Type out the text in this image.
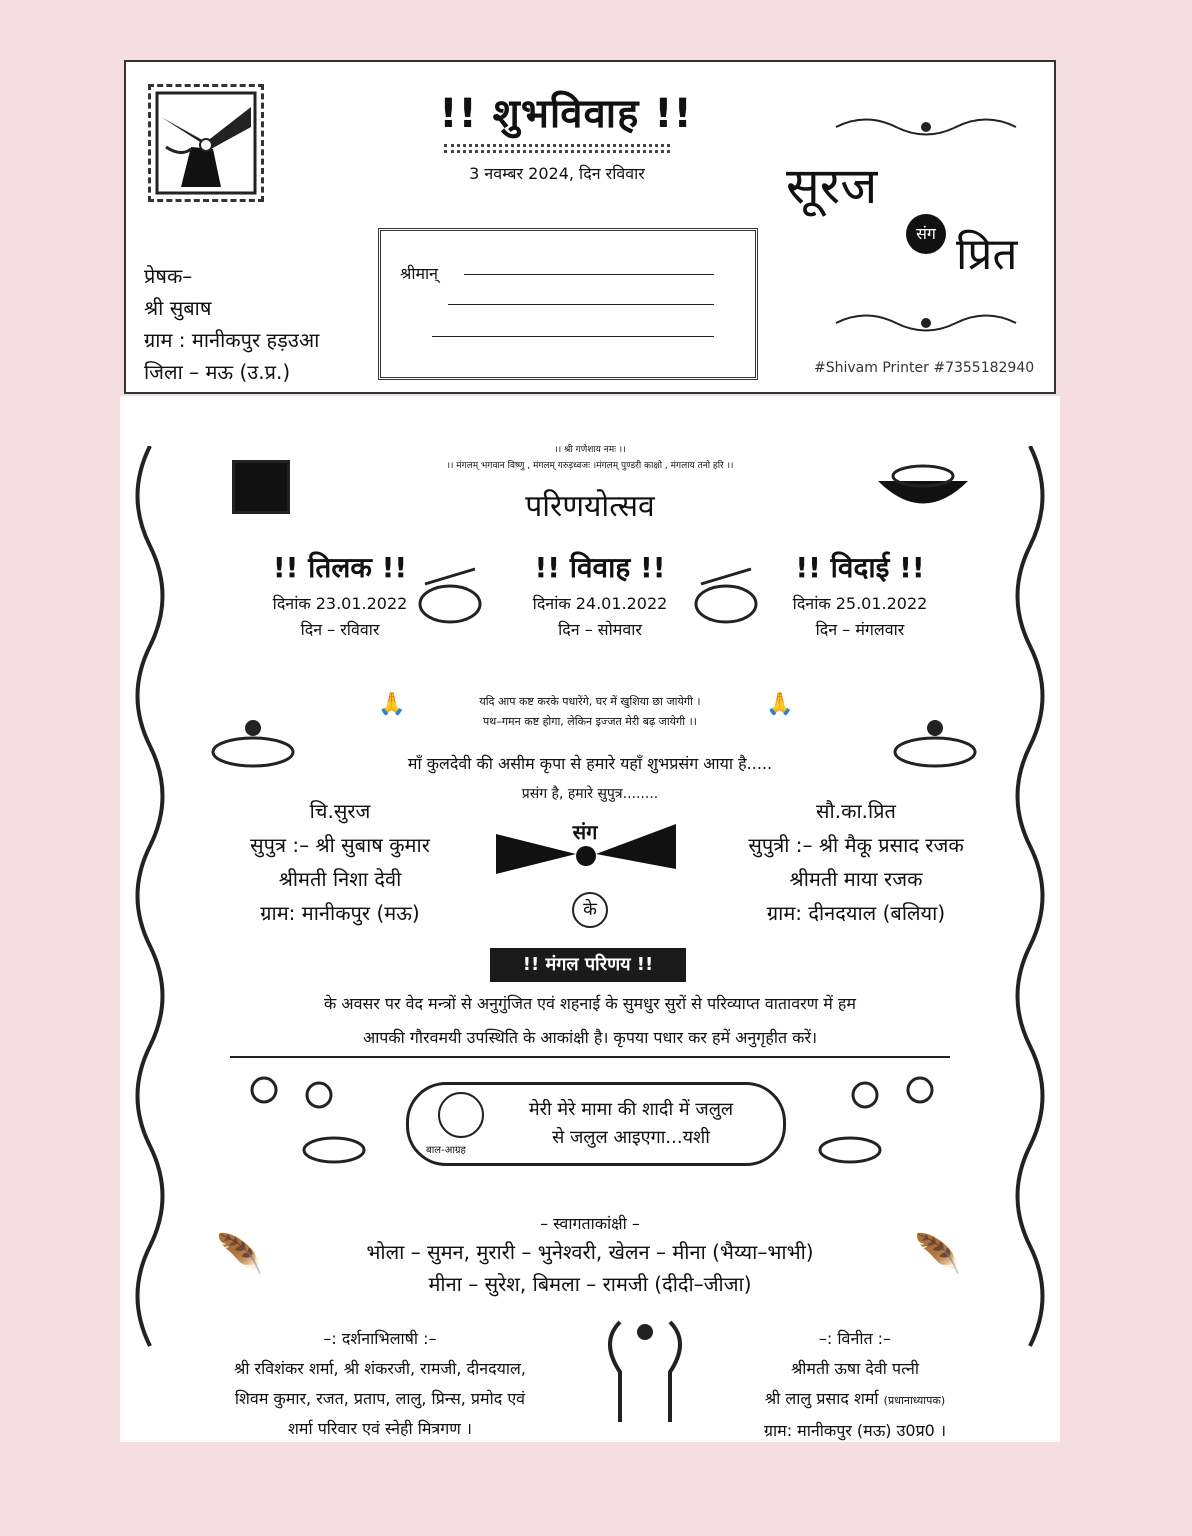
!! शुभविवाह !!
3 नवम्बर 2024, दिन रविवार
श्रीमान्
प्रेषक–
श्री सुबाष
ग्राम : मानीकपुर हड़उआ
जिला – मऊ (उ.प्र.)
सूरज
संग प्रित
#Shivam Printer #7355182940
।। श्री गणेशाय नमः ।।
।। मंगलम् भगवान विष्णु , मंगलम् गरुड़ध्वजः ।मंगलम् पुण्डरी काक्षो , मंगलाय तनो हरि ।।
परिणयोत्सव
!! तिलक !!
दिनांक 23.01.2022
दिन – रविवार
!! विवाह !!
दिनांक 24.01.2022
दिन – सोमवार
!! विदाई !!
दिनांक 25.01.2022
दिन – मंगलवार
यदि आप कष्ट करके पधारेंगे, घर में खुशिया छा जायेगी ।
पथ–गमन कष्ट होगा, लेकिन इज्जत मेरी बढ़ जायेगी ।।
🙏	🙏
माँ कुलदेवी की असीम कृपा से हमारे यहाँ शुभप्रसंग आया है.....
प्रसंग है, हमारे सुपुत्र........
चि.सुरज
सुपुत्र :– श्री सुबाष कुमार
श्रीमती निशा देवी
ग्राम: मानीकपुर (मऊ)
सौ.का.प्रित
सुपुत्री :– श्री मैकू प्रसाद रजक
श्रीमती माया रजक
ग्राम: दीनदयाल (बलिया)
संग
के
!! मंगल परिणय !!
के अवसर पर वेद मन्त्रों से अनुगुंजित एवं शहनाई के सुमधुर सुरों से परिव्याप्त वातावरण में हम
आपकी गौरवमयी उपस्थिति के आकांक्षी है। कृपया पधार कर हमें अनुगृहीत करें।
बाल-आग्रह
मेरी मेरे मामा की शादी में जलुल
से जलुल आइएगा...यशी
– स्वागताकांक्षी –
भोला – सुमन, मुरारी – भुनेश्वरी, खेलन – मीना (भैय्या–भाभी)
मीना – सुरेश, बिमला – रामजी (दीदी–जीजा)
🪶	🪶
–: दर्शनाभिलाषी :–
श्री रविशंकर शर्मा, श्री शंकरजी, रामजी, दीनदयाल,
शिवम कुमार, रजत, प्रताप, लालु, प्रिन्स, प्रमोद एवं
शर्मा परिवार एवं स्नेही मित्रगण ।
–: विनीत :–
श्रीमती ऊषा देवी पत्नी
श्री लालु प्रसाद शर्मा (प्रधानाध्यापक)
ग्राम: मानीकपुर (मऊ) उ0प्र0 ।
